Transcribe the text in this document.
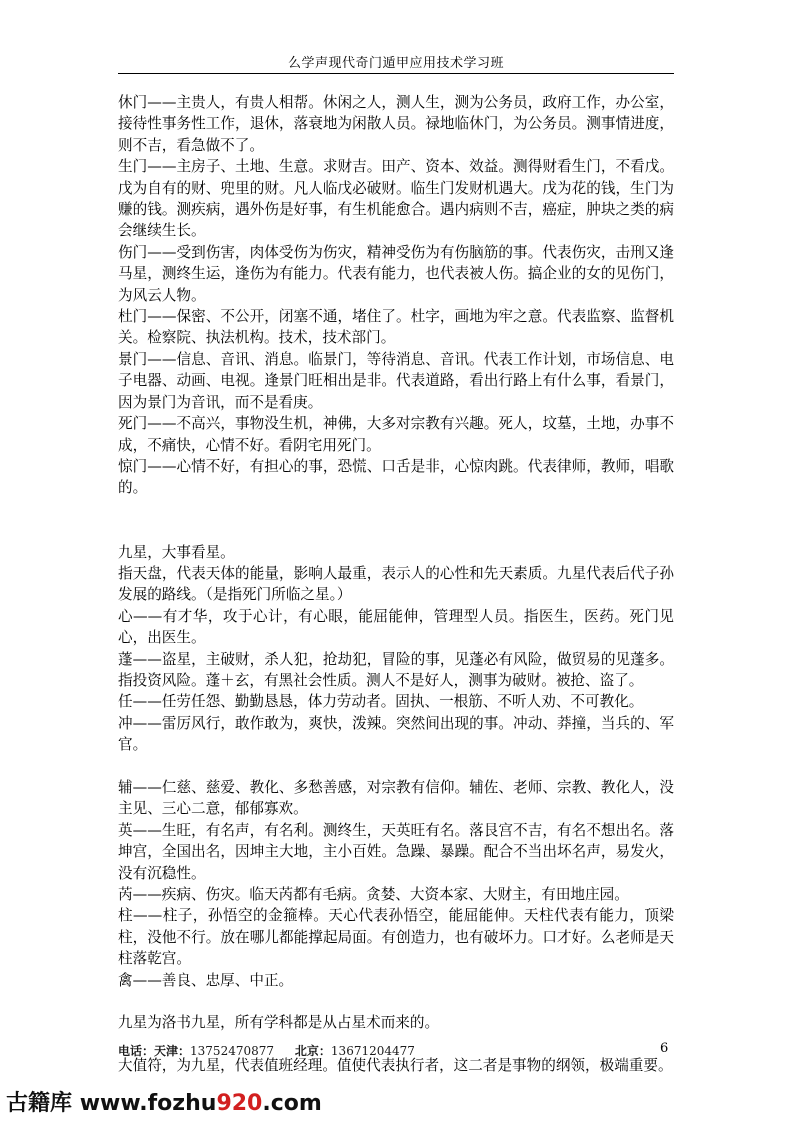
么学声现代奇门遁甲应用技术学习班

休门——主贵人，有贵人相帮。休闲之人，测人生，测为公务员，政府工作，办公室，接待性事务性工作，退休，落衰地为闲散人员。禄地临休门，为公务员。测事情进度，则不吉，看急做不了。

生门——主房子、土地、生意。求财吉。田产、资本、效益。测得财看生门，不看戊。戊为自有的财、兜里的财。凡人临戊必破财。临生门发财机遇大。戊为花的钱，生门为赚的钱。测疾病，遇外伤是好事，有生机能愈合。遇内病则不吉，癌症，肿块之类的病会继续生长。

伤门——受到伤害，肉体受伤为伤灾，精神受伤为有伤脑筋的事。代表伤灾，击刑又逢马星，测终生运，逢伤为有能力。代表有能力，也代表被人伤。搞企业的女的见伤门，为风云人物。

杜门——保密、不公开，闭塞不通，堵住了。杜字，画地为牢之意。代表监察、监督机关。检察院、执法机构。技术，技术部门。

景门——信息、音讯、消息。临景门，等待消息、音讯。代表工作计划，市场信息、电子电器、动画、电视。逢景门旺相出是非。代表道路，看出行路上有什么事，看景门，因为景门为音讯，而不是看庚。

死门——不高兴，事物没生机，神佛，大多对宗教有兴趣。死人，坟墓，土地，办事不成，不痛快，心情不好。看阴宅用死门。

惊门——心情不好，有担心的事，恐慌、口舌是非，心惊肉跳。代表律师，教师，唱歌的。

九星，大事看星。

指天盘，代表天体的能量，影响人最重，表示人的心性和先天素质。九星代表后代子孙发展的路线。（是指死门所临之星。）

心——有才华，攻于心计，有心眼，能屈能伸，管理型人员。指医生，医药。死门见心，出医生。

蓬——盗星，主破财，杀人犯，抢劫犯，冒险的事，见蓬必有风险，做贸易的见蓬多。指投资风险。蓬＋玄，有黑社会性质。测人不是好人，测事为破财。被抢、盗了。

任——任劳任怨、勤勤恳恳，体力劳动者。固执、一根筋、不听人劝、不可教化。

冲——雷厉风行，敢作敢为，爽快，泼辣。突然间出现的事。冲动、莽撞，当兵的、军官。

辅——仁慈、慈爱、教化、多愁善感，对宗教有信仰。辅佐、老师、宗教、教化人，没主见、三心二意，郁郁寡欢。

英——生旺，有名声，有名利。测终生，天英旺有名。落艮宫不吉，有名不想出名。落坤宫，全国出名，因坤主大地，主小百姓。急躁、暴躁。配合不当出坏名声，易发火，没有沉稳性。

芮——疾病、伤灾。临天芮都有毛病。贪婪、大资本家、大财主，有田地庄园。

柱——柱子，孙悟空的金箍棒。天心代表孙悟空，能屈能伸。天柱代表有能力，顶梁柱，没他不行。放在哪儿都能撑起局面。有创造力，也有破坏力。口才好。么老师是天柱落乾宫。

禽——善良、忠厚、中正。

九星为洛书九星，所有学科都是从占星术而来的。

大值符，为九星，代表值班经理。值使代表执行者，这二者是事物的纲领，极端重要。

电话：天津：13752470877 北京：13671204477	6
古籍库 www.fozhu920.com
